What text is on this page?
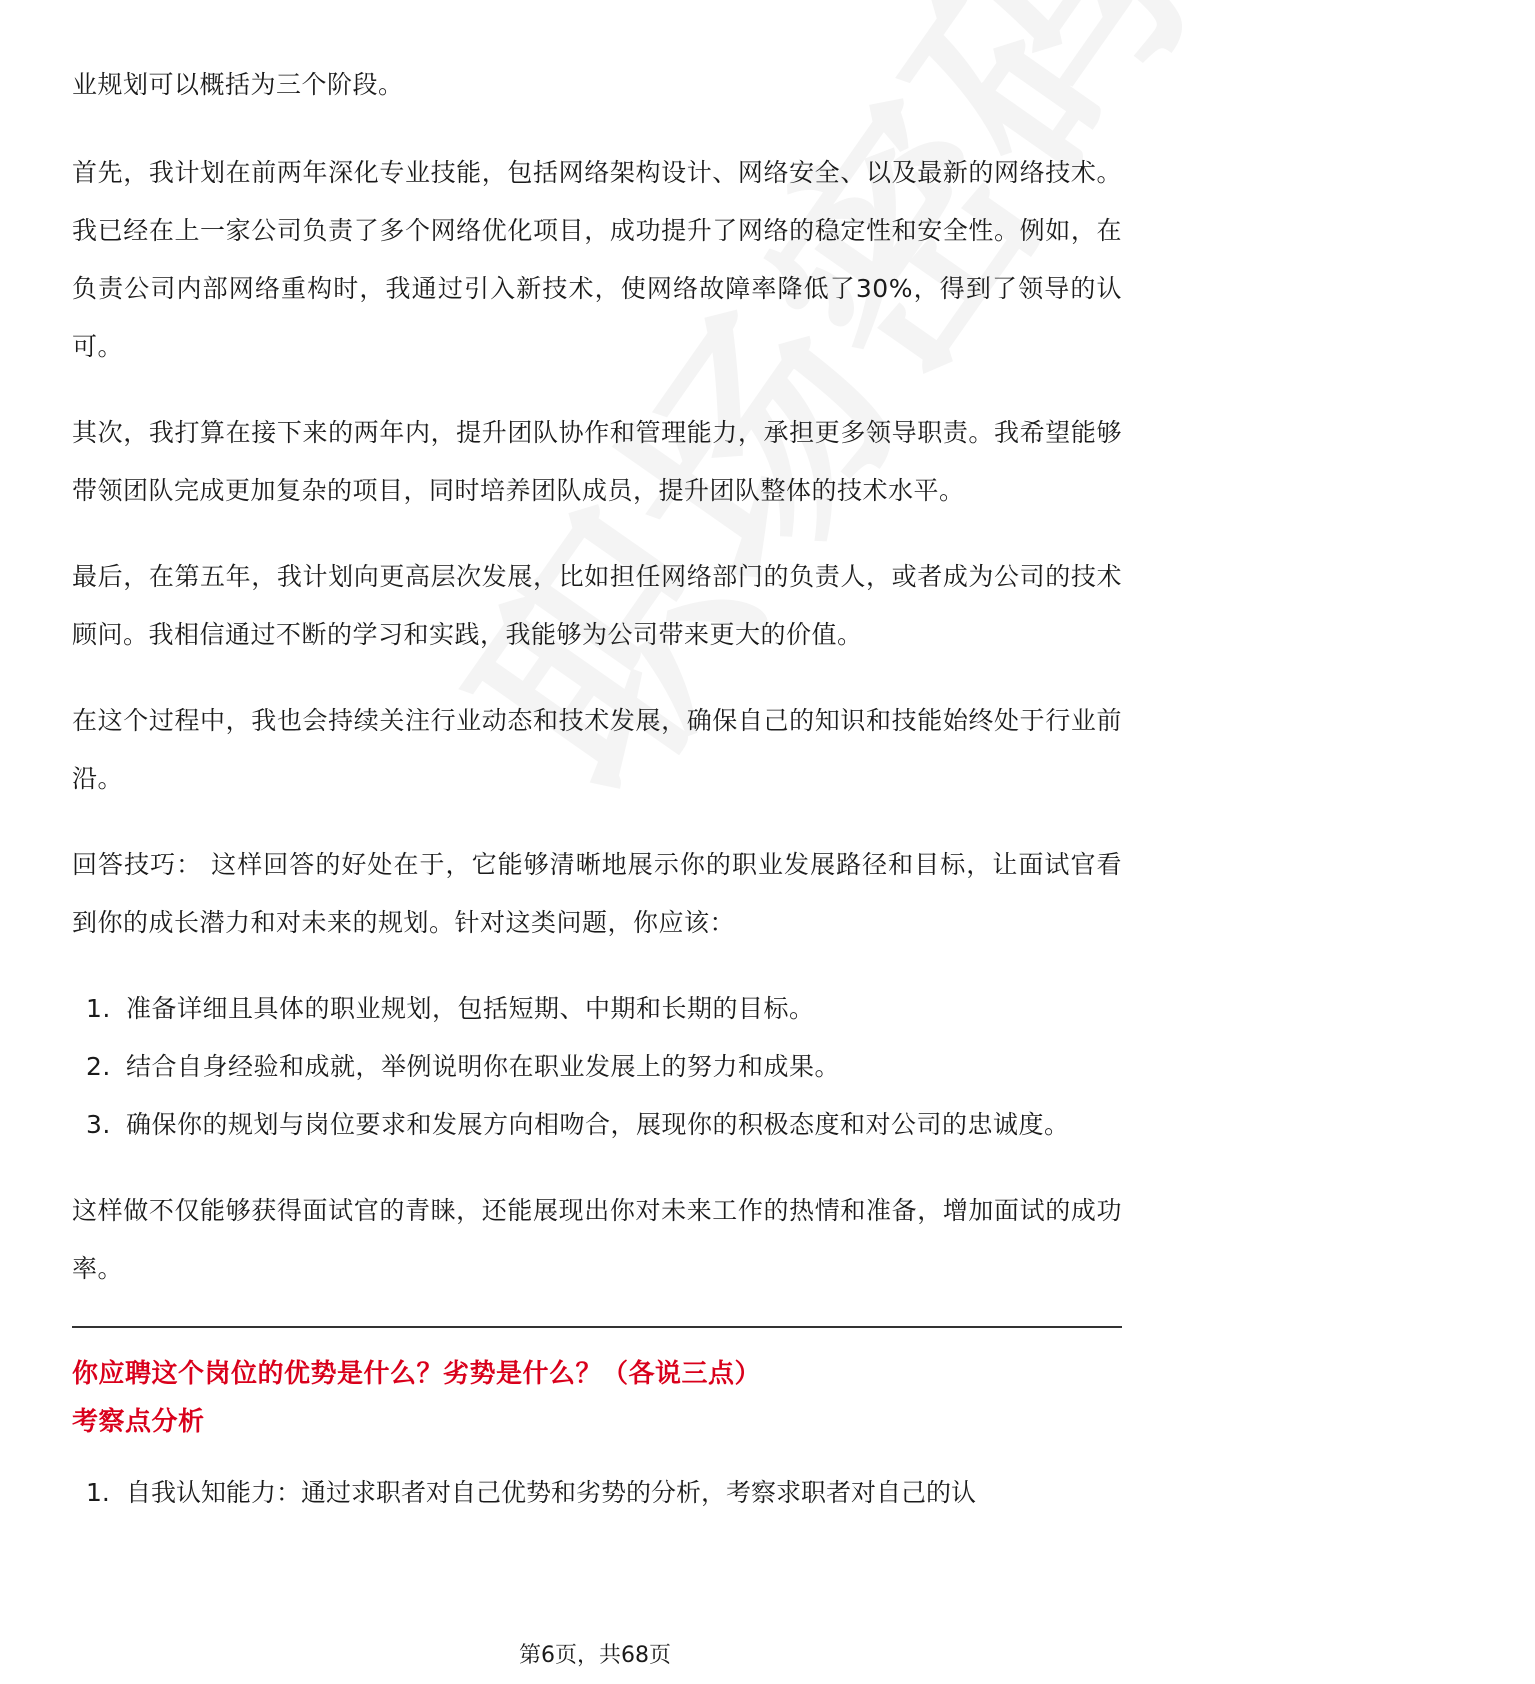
业规划可以概括为三个阶段。

首先，我计划在前两年深化专业技能，包括网络架构设计、网络安全、以及最新的网络技术。我已经在上一家公司负责了多个网络优化项目，成功提升了网络的稳定性和安全性。例如，在负责公司内部网络重构时，我通过引入新技术，使网络故障率降低了30%，得到了领导的认可。

其次，我打算在接下来的两年内，提升团队协作和管理能力，承担更多领导职责。我希望能够带领团队完成更加复杂的项目，同时培养团队成员，提升团队整体的技术水平。

最后，在第五年，我计划向更高层次发展，比如担任网络部门的负责人，或者成为公司的技术顾问。我相信通过不断的学习和实践，我能够为公司带来更大的价值。

在这个过程中，我也会持续关注行业动态和技术发展，确保自己的知识和技能始终处于行业前沿。

回答技巧： 这样回答的好处在于，它能够清晰地展示你的职业发展路径和目标，让面试官看到你的成长潜力和对未来的规划。针对这类问题，你应该：

1. 准备详细且具体的职业规划，包括短期、中期和长期的目标。
2. 结合自身经验和成就，举例说明你在职业发展上的努力和成果。
3. 确保你的规划与岗位要求和发展方向相吻合，展现你的积极态度和对公司的忠诚度。

这样做不仅能够获得面试官的青睐，还能展现出你对未来工作的热情和准备，增加面试的成功率。

你应聘这个岗位的优势是什么？劣势是什么？（各说三点）

考察点分析

1. 自我认知能力：通过求职者对自己优势和劣势的分析，考察求职者对自己的认
第6页，共68页
